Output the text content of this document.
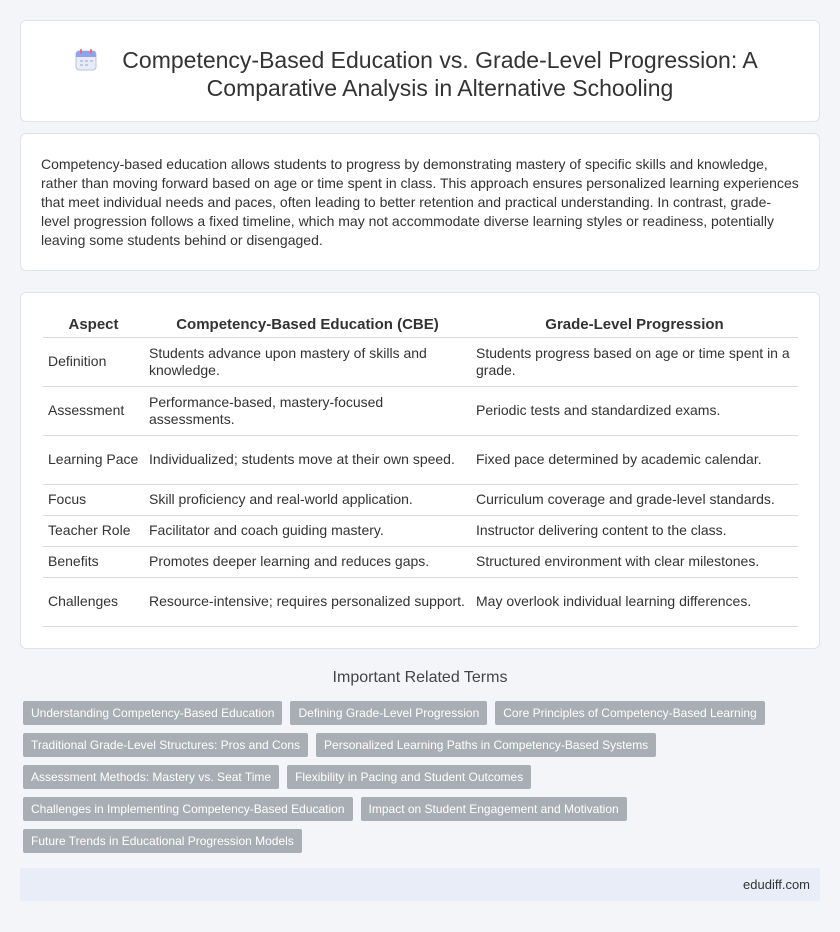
Competency-Based Education vs. Grade-Level Progression: A Comparative Analysis in Alternative Schooling

Competency-based education allows students to progress by demonstrating mastery of specific skills and knowledge, rather than moving forward based on age or time spent in class. This approach ensures personalized learning experiences that meet individual needs and paces, often leading to better retention and practical understanding. In contrast, grade-level progression follows a fixed timeline, which may not accommodate diverse learning styles or readiness, potentially leaving some students behind or disengaged.

Aspect	Competency-Based Education (CBE)	Grade-Level Progression
Definition	Students advance upon mastery of skills and knowledge.	Students progress based on age or time spent in a grade.
Assessment	Performance-based, mastery-focused assessments.	Periodic tests and standardized exams.
Learning Pace	Individualized; students move at their own speed.	Fixed pace determined by academic calendar.
Focus	Skill proficiency and real-world application.	Curriculum coverage and grade-level standards.
Teacher Role	Facilitator and coach guiding mastery.	Instructor delivering content to the class.
Benefits	Promotes deeper learning and reduces gaps.	Structured environment with clear milestones.
Challenges	Resource-intensive; requires personalized support.	May overlook individual learning differences.
Important Related Terms
Understanding Competency-Based Education	Defining Grade-Level Progression	Core Principles of Competency-Based Learning
Traditional Grade-Level Structures: Pros and Cons	Personalized Learning Paths in Competency-Based Systems
Assessment Methods: Mastery vs. Seat Time	Flexibility in Pacing and Student Outcomes
Challenges in Implementing Competency-Based Education	Impact on Student Engagement and Motivation
Future Trends in Educational Progression Models
edudiff.com
